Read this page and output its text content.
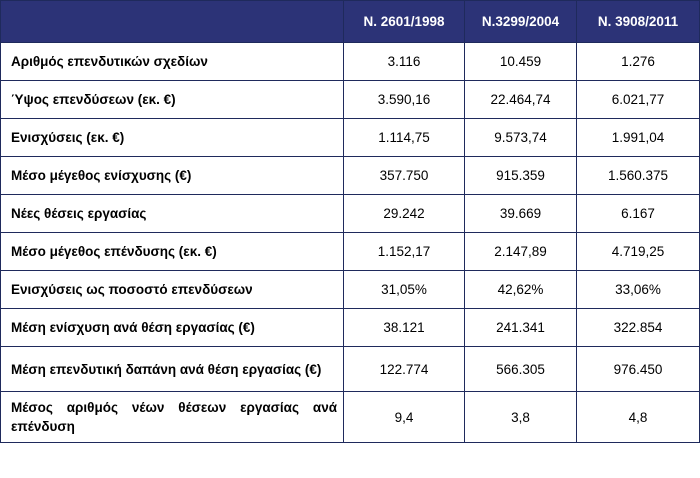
	N. 2601/1998	N.3299/2004	N. 3908/2011
Αριθμός επενδυτικών σχεδίων	3.116	10.459	1.276
Ύψος επενδύσεων (εκ. €)	3.590,16	22.464,74	6.021,77
Ενισχύσεις (εκ. €)	1.114,75	9.573,74	1.991,04
Μέσο μέγεθος ενίσχυσης (€)	357.750	915.359	1.560.375
Νέες θέσεις εργασίας	29.242	39.669	6.167
Μέσο μέγεθος επένδυσης (εκ. €)	1.152,17	2.147,89	4.719,25
Ενισχύσεις ως ποσοστό επενδύσεων	31,05%	42,62%	33,06%
Μέση ενίσχυση ανά θέση εργασίας (€)	38.121	241.341	322.854
Μέση επενδυτική δαπάνη ανά θέση εργασίας (€)	122.774	566.305	976.450
Μέσος αριθμός νέων θέσεων εργασίας ανά επένδυση	9,4	3,8	4,8
